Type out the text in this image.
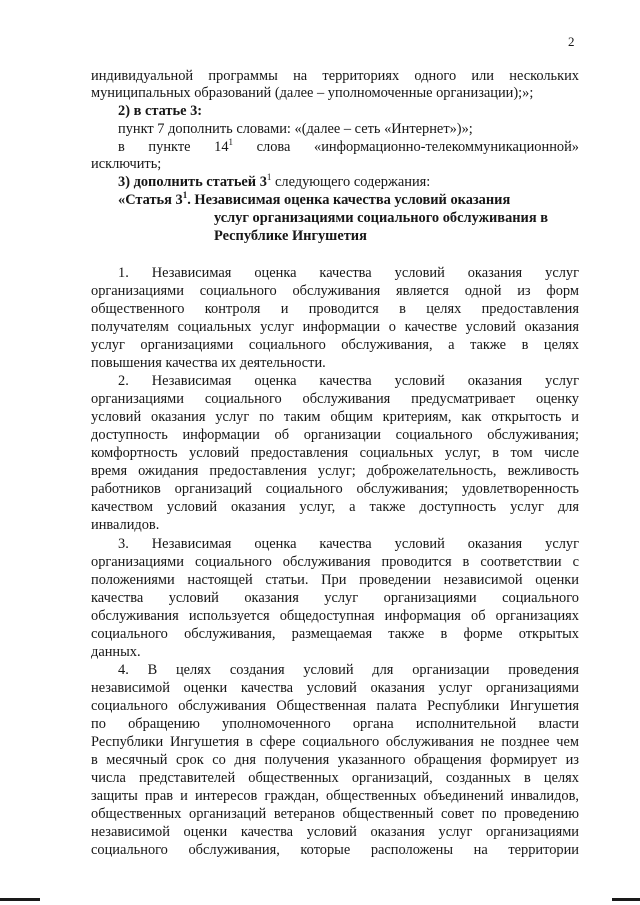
2
индивидуальной программы на территориях одного или нескольких
муниципальных образований (далее – уполномоченные организации);»;
2) в статье 3:
пункт 7 дополнить словами: «(далее – сеть «Интернет»)»;
в пункте $14^1$ слова «информационно-телекоммуникационной»
исключить;
3) дополнить статьей $3^1$ следующего содержания:
«Статья $3^1$. Независимая оценка качества условий оказания
услуг организациями социального обслуживания в
Республике Ингушетия
1. Независимая оценка качества условий оказания услуг
организациями социального обслуживания является одной из форм
общественного контроля и проводится в целях предоставления
получателям социальных услуг информации о качестве условий оказания
услуг организациями социального обслуживания, а также в целях
повышения качества их деятельности.
2. Независимая оценка качества условий оказания услуг
организациями социального обслуживания предусматривает оценку
условий оказания услуг по таким общим критериям, как открытость и
доступность информации об организации социального обслуживания;
комфортность условий предоставления социальных услуг, в том числе
время ожидания предоставления услуг; доброжелательность, вежливость
работников организаций социального обслуживания; удовлетворенность
качеством условий оказания услуг, а также доступность услуг для
инвалидов.
3. Независимая оценка качества условий оказания услуг
организациями социального обслуживания проводится в соответствии с
положениями настоящей статьи. При проведении независимой оценки
качества условий оказания услуг организациями социального
обслуживания используется общедоступная информация об организациях
социального обслуживания, размещаемая также в форме открытых
данных.
4. В целях создания условий для организации проведения
независимой оценки качества условий оказания услуг организациями
социального обслуживания Общественная палата Республики Ингушетия
по обращению уполномоченного органа исполнительной власти
Республики Ингушетия в сфере социального обслуживания не позднее чем
в месячный срок со дня получения указанного обращения формирует из
числа представителей общественных организаций, созданных в целях
защиты прав и интересов граждан, общественных объединений инвалидов,
общественных организаций ветеранов общественный совет по проведению
независимой оценки качества условий оказания услуг организациями
социального обслуживания, которые расположены на территории
